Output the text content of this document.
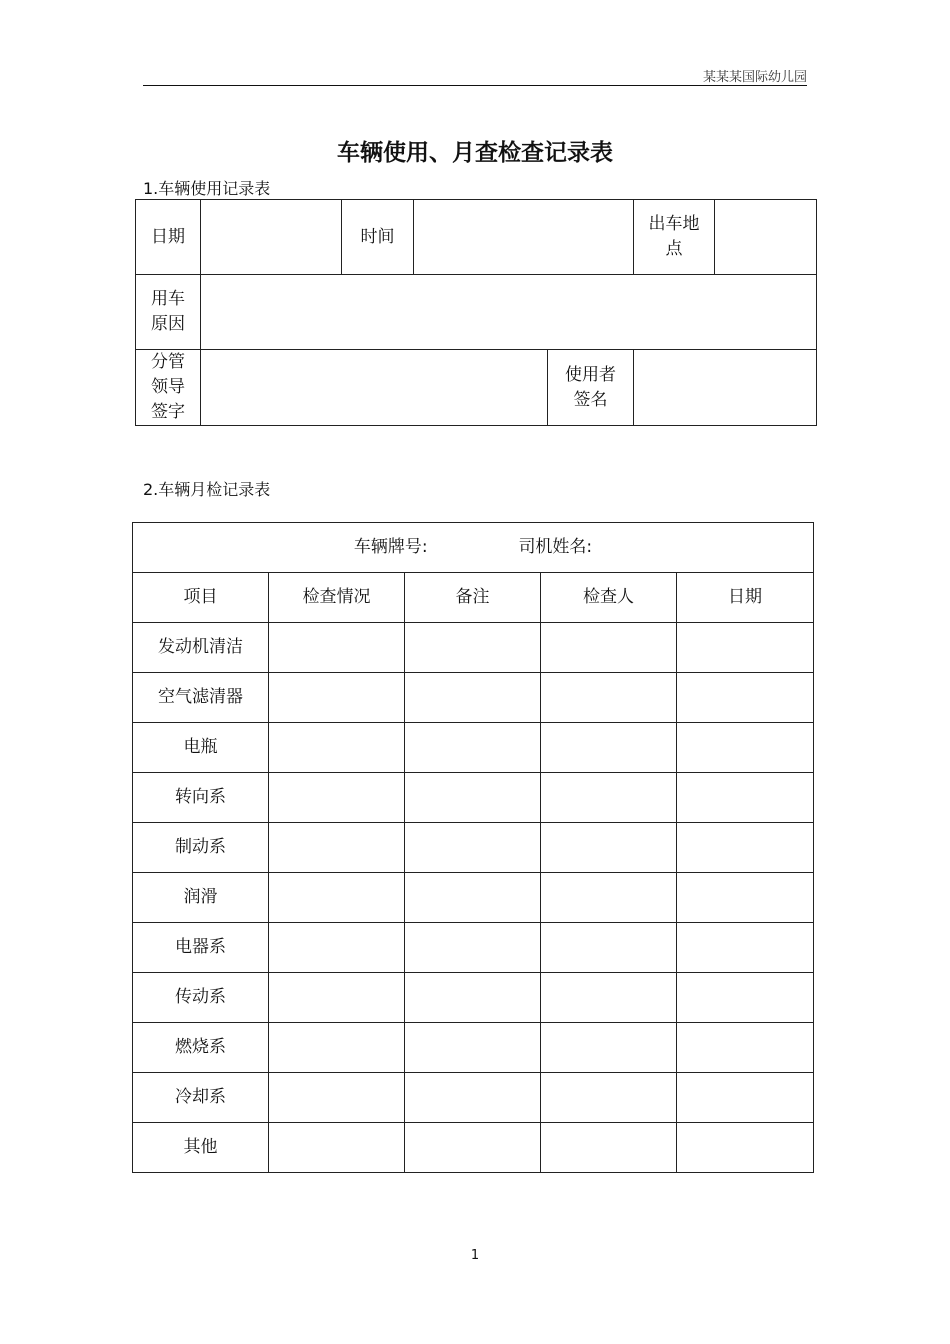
某某某国际幼儿园
车辆使用、月查检查记录表
1.车辆使用记录表
日期		时间			出车地点	
用车原因						
分管领导签字				使用者签名		
2.车辆月检记录表
车辆牌号: 司机姓名:				
项目	检查情况	备注	检查人	日期
发动机清洁				
空气滤清器				
电瓶				
转向系				
制动系				
润滑				
电器系				
传动系				
燃烧系				
冷却系				
其他				
1
